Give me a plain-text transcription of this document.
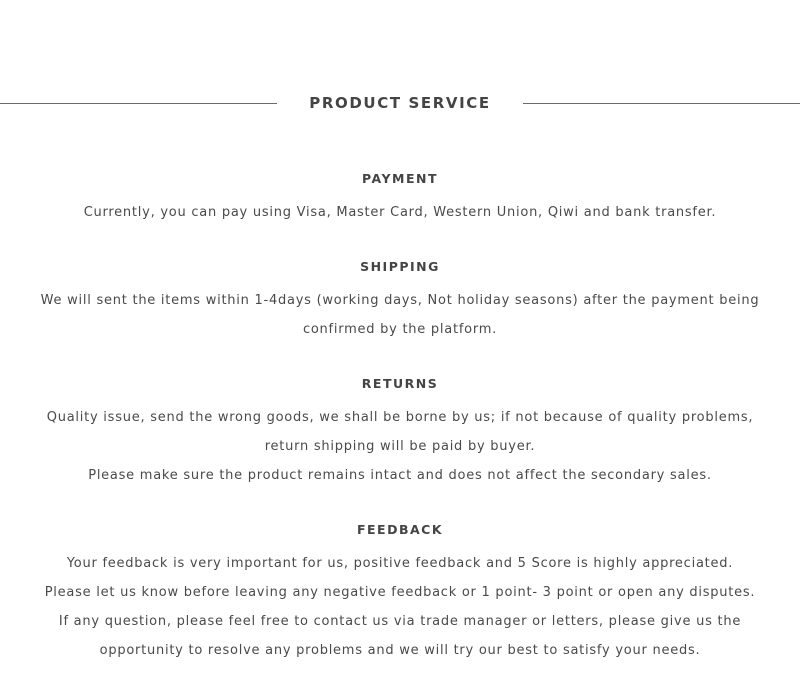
PRODUCT SERVICE
PAYMENT
Currently, you can pay using Visa, Master Card, Western Union, Qiwi and bank transfer.
SHIPPING
We will sent the items within 1-4days (working days, Not holiday seasons) after the payment being
confirmed by the platform.
RETURNS
Quality issue, send the wrong goods, we shall be borne by us; if not because of quality problems,
return shipping will be paid by buyer.
Please make sure the product remains intact and does not affect the secondary sales.
FEEDBACK
Your feedback is very important for us, positive feedback and 5 Score is highly appreciated.
Please let us know before leaving any negative feedback or 1 point- 3 point or open any disputes.
If any question, please feel free to contact us via trade manager or letters, please give us the
opportunity to resolve any problems and we will try our best to satisfy your needs.
